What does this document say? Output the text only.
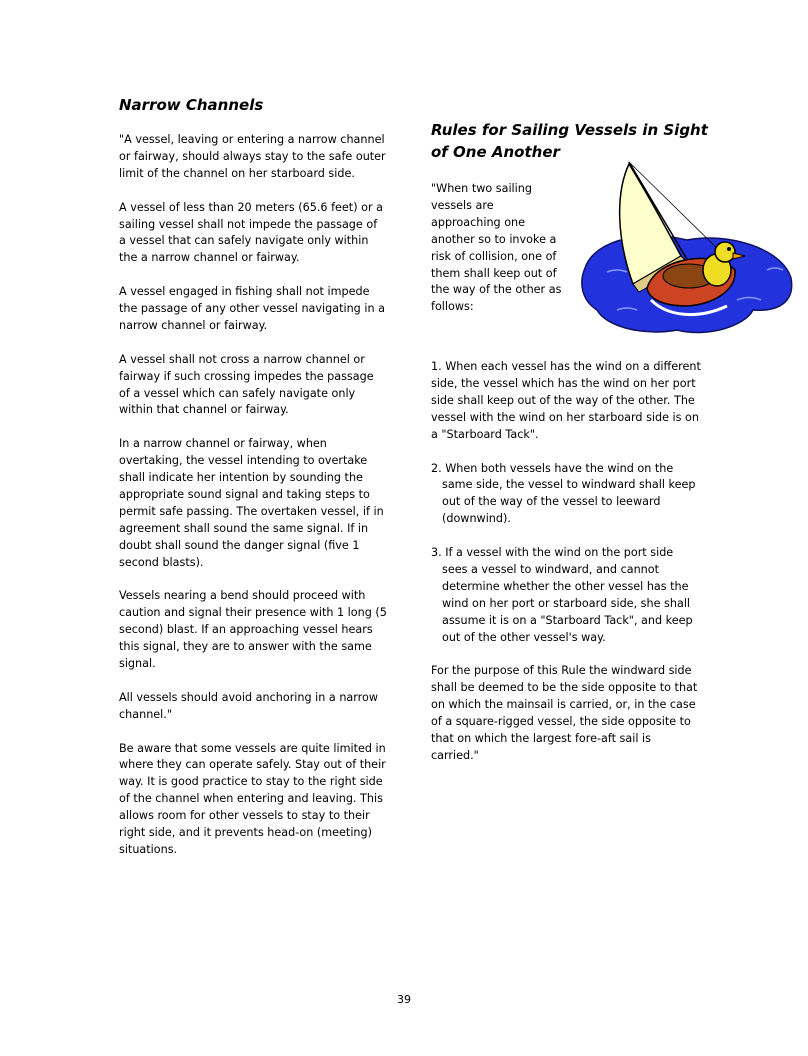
Narrow Channels

"A vessel, leaving or entering a narrow channel or fairway, should always stay to the safe outer limit of the channel on her starboard side.

A vessel of less than 20 meters (65.6 feet) or a sailing vessel shall not impede the passage of a vessel that can safely navigate only within the a narrow channel or fairway.

A vessel engaged in fishing shall not impede the passage of any other vessel navigating in a narrow channel or fairway.

A vessel shall not cross a narrow channel or fairway if such crossing impedes the passage of a vessel which can safely navigate only within that channel or fairway.

In a narrow channel or fairway, when overtaking, the vessel intending to overtake shall indicate her intention by sounding the appropriate sound signal and taking steps to permit safe passing. The overtaken vessel, if in agreement shall sound the same signal. If in doubt shall sound the danger signal (five 1 second blasts).

Vessels nearing a bend should proceed with caution and signal their presence with 1 long (5 second) blast. If an approaching vessel hears this signal, they are to answer with the same signal.

All vessels should avoid anchoring in a narrow channel."

Be aware that some vessels are quite limited in where they can operate safely. Stay out of their way. It is good practice to stay to the right side of the channel when entering and leaving. This allows room for other vessels to stay to their right side, and it prevents head-on (meeting) situations.

Rules for Sailing Vessels in Sight of One Another

"When two sailing vessels are approaching one another so to invoke a risk of collision, one of them shall keep out of the way of the other as follows:

1. When each vessel has the wind on a different side, the vessel which has the wind on her port side shall keep out of the way of the other. The vessel with the wind on her starboard side is on a "Starboard Tack".

2. When both vessels have the wind on the same side, the vessel to windward shall keep out of the way of the vessel to leeward (downwind).

3. If a vessel with the wind on the port side sees a vessel to windward, and cannot determine whether the other vessel has the wind on her port or starboard side, she shall assume it is on a "Starboard Tack", and keep out of the other vessel's way.

For the purpose of this Rule the windward side shall be deemed to be the side opposite to that on which the mainsail is carried, or, in the case of a square-rigged vessel, the side opposite to that on which the largest fore-aft sail is carried."

39
